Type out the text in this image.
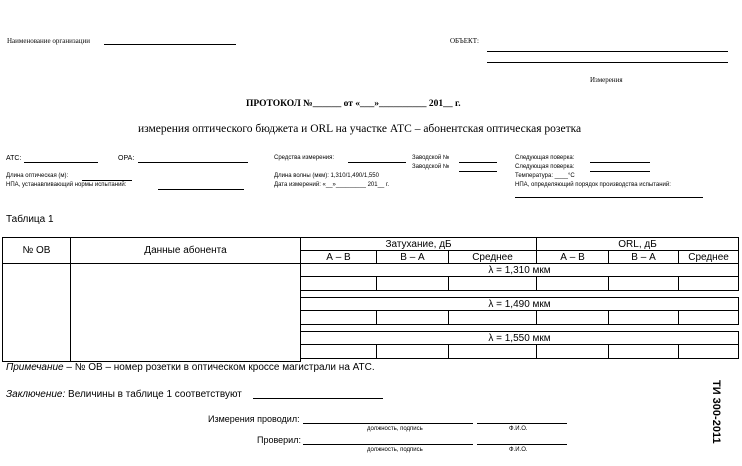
Наименование организации	ОБЪЕКТ:
Измерения
ПРОТОКОЛ №______ от «___»__________ 201__ г.
измерения оптического бюджета и ORL на участке АТС – абонентская оптическая розетка
АТС:	ОРА:	Средства измерения:	Заводской №	Следующая поверка:
Заводской №	Следующая поверка:
Длина оптическая (м):	Длина волны (мкм): 1,310/1,490/1,550	Температура: ____°С
НПА, устанавливающий нормы испытаний:	Дата измерений: «__»_________ 201__ г.	НПА, определяющий порядок производства испытаний:
Таблица 1
№ ОВ	Данные абонента	Затухание, дБ			ORL, дБ		
		А – В	В – А	Среднее	А – В	В – А	Среднее
		λ = 1,310 мкм					

		λ = 1,490 мкм					

		λ = 1,550 мкм					

Примечание – № ОВ – номер розетки в оптическом кроссе магистрали на АТС.
Заключение: Величины в таблице 1 соответствуют
Измерения проводил:
должность, подпись	Ф.И.О.
Проверил:
должность, подпись	Ф.И.О.
ТИ 300-2011
